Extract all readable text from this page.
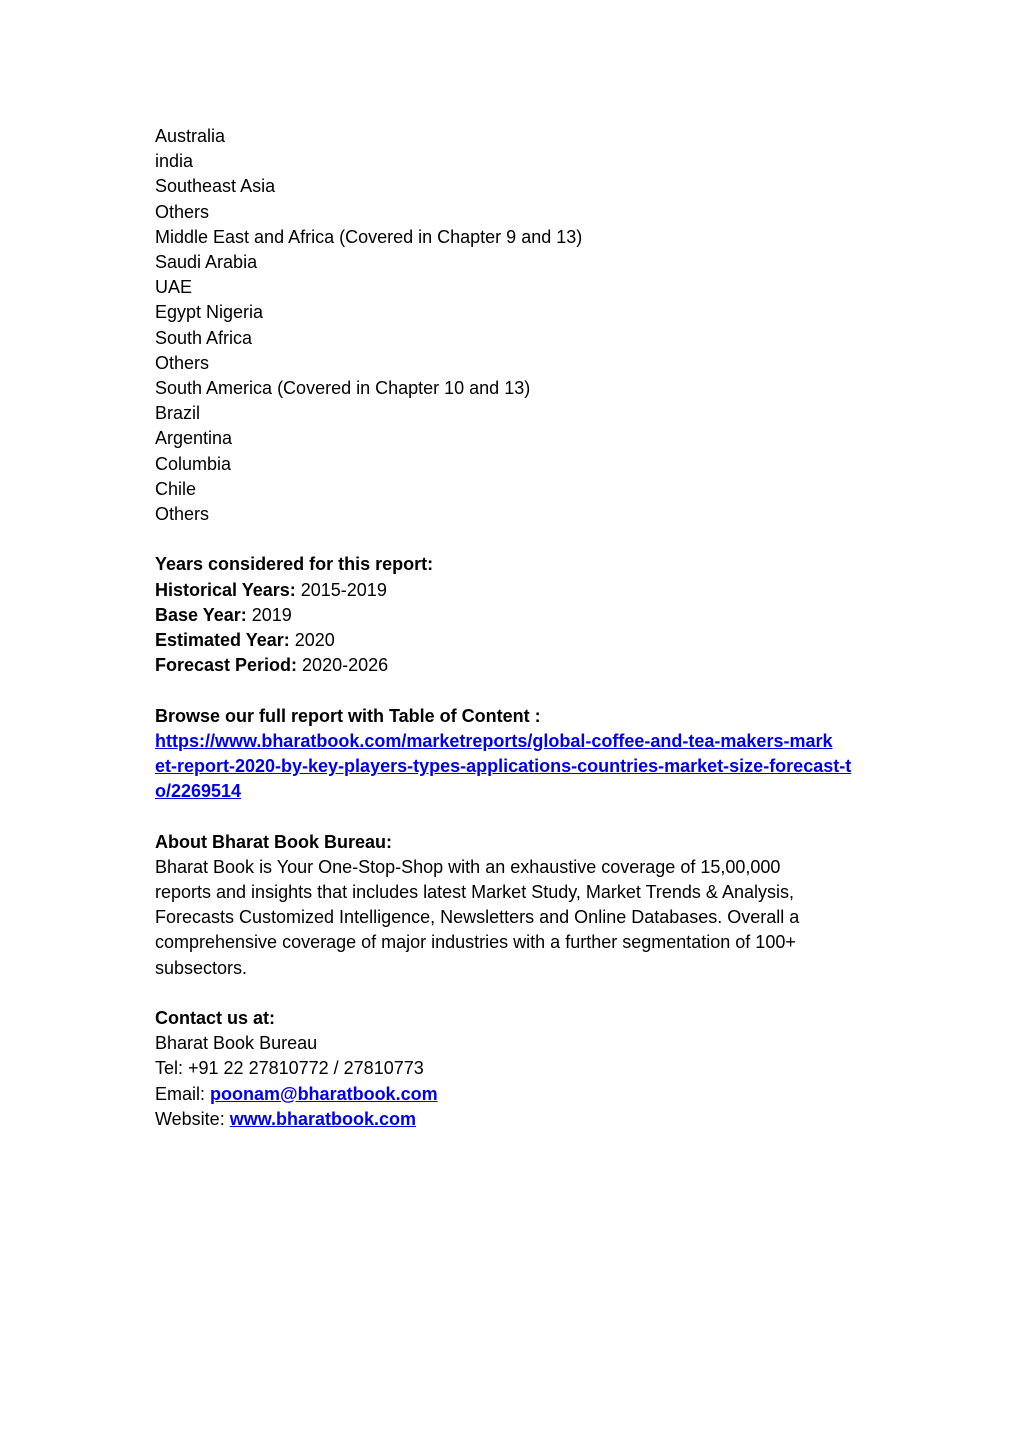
Australia
india
Southeast Asia
Others
Middle East and Africa (Covered in Chapter 9 and 13)
Saudi Arabia
UAE
Egypt Nigeria
South Africa
Others
South America (Covered in Chapter 10 and 13)
Brazil
Argentina
Columbia
Chile
Others
Years considered for this report:
Historical Years: 2015-2019
Base Year: 2019
Estimated Year: 2020
Forecast Period: 2020-2026
Browse our full report with Table of Content :
https://www.bharatbook.com/marketreports/global-coffee-and-tea-makers-mark
et-report-2020-by-key-players-types-applications-countries-market-size-forecast-t
o/2269514
About Bharat Book Bureau:
Bharat Book is Your One-Stop-Shop with an exhaustive coverage of 15,00,000
reports and insights that includes latest Market Study, Market Trends & Analysis,
Forecasts Customized Intelligence, Newsletters and Online Databases. Overall a
comprehensive coverage of major industries with a further segmentation of 100+
subsectors.
Contact us at:
Bharat Book Bureau
Tel: +91 22 27810772 / 27810773
Email: poonam@bharatbook.com
Website: www.bharatbook.com
